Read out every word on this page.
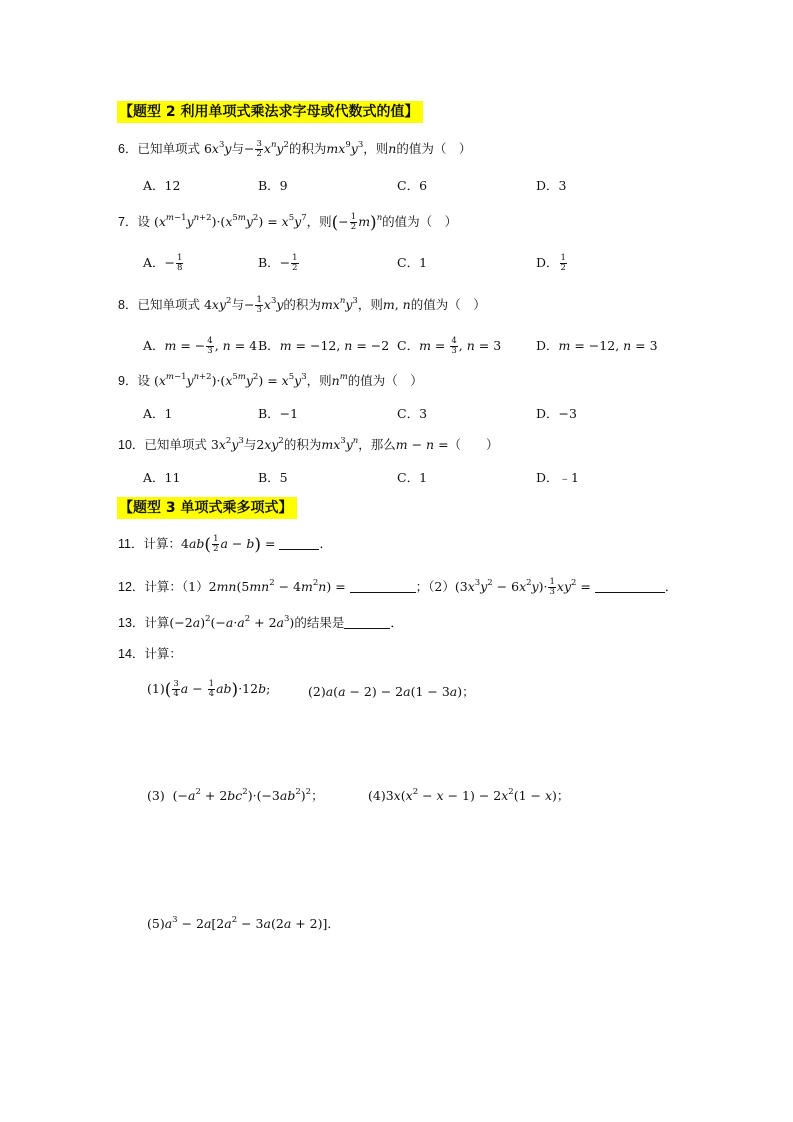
【题型 2 利用单项式乘法求字母或代数式的值】
6．已知单项式 $6x^3y$与− $\frac{3}{2} x^ny^2$的积为$mx^9y^3$，则n的值为（　）
A．12	B．9	C．6	D．3
7．设 $(x^{m-1}y^{n+2})\cdot(x^{5m}y^2) = x^5y^7$，则(− $\frac{1}{2} m)^n$的值为（　）
A．− $\frac{1}{8}$	B．− $\frac{1}{2}$	C．1	D． $\frac{1}{2}$
8．已知单项式 $4xy^2$与− $\frac{1}{3} x^3y$的积为$mx^ny^3$，则m, n的值为（　）
A．m = − $\frac{4}{3}$ , n = 4 B．m = −12, n = −2 C．$m = \frac{4}{3}$ , n = 3	D．m = −12, n = 3
9．设 $(x^{m-1}y^{n+2})\cdot(x^{5m}y^2) = x^5y^3$，则$n^m$的值为（　）
A．1	B．−1	C．3	D．−3
10．已知单项式 $3x^2y^3$与$2xy^2$的积为$mx^3y^n$，那么m − n =（　　）
A．11	B．5	C．1	D．﹣1
【题型 3 单项式乘多项式】
11．计算：$4ab( \frac{1}{2}$ a − b) =	．
12．计算：$(1)2mn(5mn^2 - 4m^2n)$ =	；$(2)(3x^3y^2 - 6x^2y)\cdot \frac{1}{3} xy^2$ =	．
13．计算$(-2a)^2(-a\cdot a^2 + 2a^3)$的结果是	．
14．计算：
$(1)( \frac{3}{4}$ $a - \frac{1}{4} ab)\cdot 12b$;	(2)a(a − 2) − 2a(1 − 3a)；
(3)  $(-a^2 + 2bc^2)\cdot(-3ab^2)^2$；	$(4)3x(x^2 - x - 1) - 2x^2(1 - x)$；
$(5)a^3 - 2a[2a^2 - 3a(2a + 2)]$．
